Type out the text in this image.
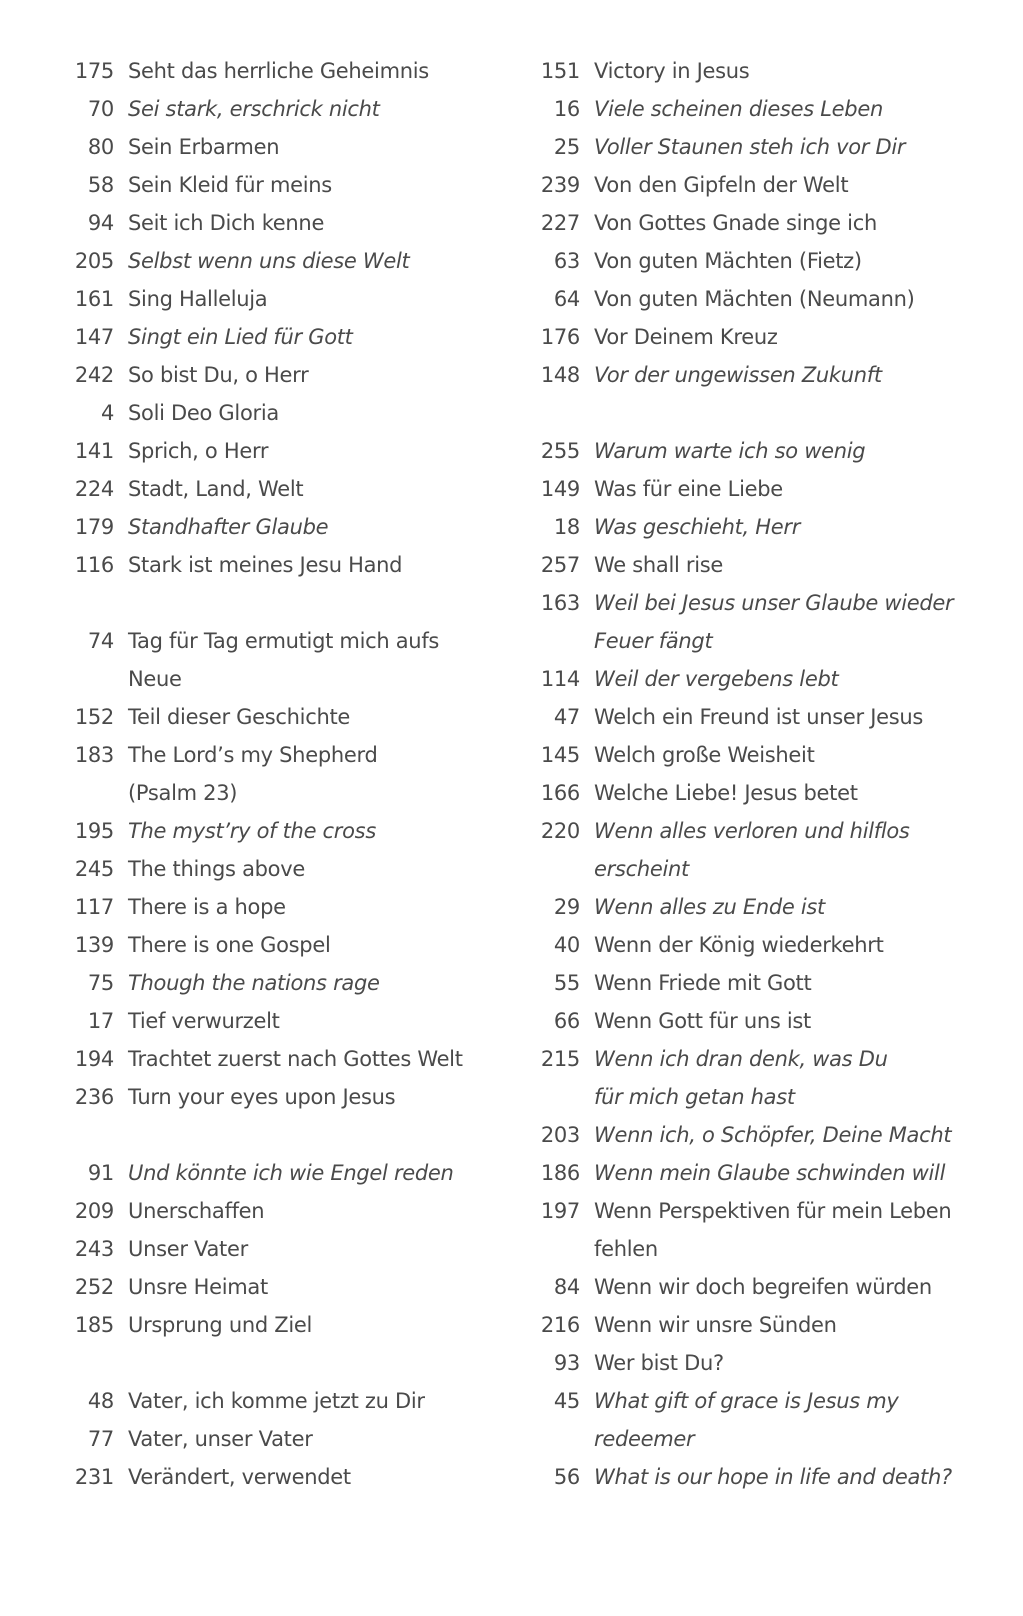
175 Seht das herrliche Geheimnis
70 Sei stark, erschrick nicht
80 Sein Erbarmen
58 Sein Kleid für meins
94 Seit ich Dich kenne
205 Selbst wenn uns diese Welt
161 Sing Halleluja
147 Singt ein Lied für Gott
242 So bist Du, o Herr
4 Soli Deo Gloria
141 Sprich, o Herr
224 Stadt, Land, Welt
179 Standhafter Glaube
116 Stark ist meines Jesu Hand
74 Tag für Tag ermutigt mich aufs
Neue
152 Teil dieser Geschichte
183 The Lord’s my Shepherd
(Psalm 23)
195 The myst’ry of the cross
245 The things above
117 There is a hope
139 There is one Gospel
75 Though the nations rage
17 Tief verwurzelt
194 Trachtet zuerst nach Gottes Welt
236 Turn your eyes upon Jesus
91 Und könnte ich wie Engel reden
209 Unerschaffen
243 Unser Vater
252 Unsre Heimat
185 Ursprung und Ziel
48 Vater, ich komme jetzt zu Dir
77 Vater, unser Vater
231 Verändert, verwendet
151 Victory in Jesus
16 Viele scheinen dieses Leben
25 Voller Staunen steh ich vor Dir
239 Von den Gipfeln der Welt
227 Von Gottes Gnade singe ich
63 Von guten Mächten (Fietz)
64 Von guten Mächten (Neumann)
176 Vor Deinem Kreuz
148 Vor der ungewissen Zukunft
255 Warum warte ich so wenig
149 Was für eine Liebe
18 Was geschieht, Herr
257 We shall rise
163 Weil bei Jesus unser Glaube wieder
Feuer fängt
114 Weil der vergebens lebt
47 Welch ein Freund ist unser Jesus
145 Welch große Weisheit
166 Welche Liebe! Jesus betet
220 Wenn alles verloren und hilflos
erscheint
29 Wenn alles zu Ende ist
40 Wenn der König wiederkehrt
55 Wenn Friede mit Gott
66 Wenn Gott für uns ist
215 Wenn ich dran denk, was Du
für mich getan hast
203 Wenn ich, o Schöpfer, Deine Macht
186 Wenn mein Glaube schwinden will
197 Wenn Perspektiven für mein Leben
fehlen
84 Wenn wir doch begreifen würden
216 Wenn wir unsre Sünden
93 Wer bist Du?
45 What gift of grace is Jesus my
redeemer
56 What is our hope in life and death?
